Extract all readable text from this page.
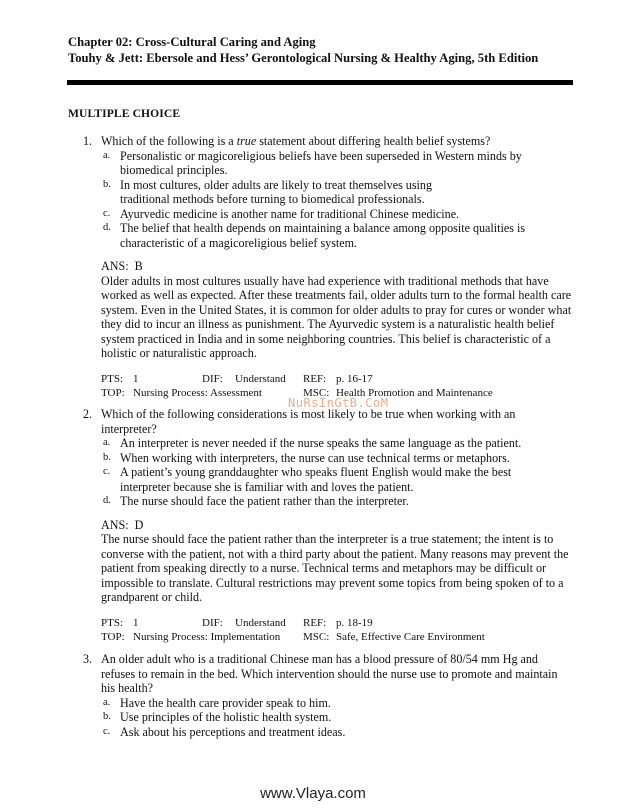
Chapter 02: Cross-Cultural Caring and Aging
Touhy & Jett: Ebersole and Hess’ Gerontological Nursing & Healthy Aging, 5th Edition
MULTIPLE CHOICE
1. Which of the following is a true statement about differing health belief systems?
a. Personalistic or magicoreligious beliefs have been superseded in Western minds by biomedical principles.
b. In most cultures, older adults are likely to treat themselves using traditional methods before turning to biomedical professionals.
c. Ayurvedic medicine is another name for traditional Chinese medicine.
d. The belief that health depends on maintaining a balance among opposite qualities is characteristic of a magicoreligious belief system.
ANS: B
Older adults in most cultures usually have had experience with traditional methods that have worked as well as expected. After these treatments fail, older adults turn to the formal health care system. Even in the United States, it is common for older adults to pray for cures or wonder what they did to incur an illness as punishment. The Ayurvedic system is a naturalistic health belief system practiced in India and in some neighboring countries. This belief is characteristic of a holistic or naturalistic approach.
PTS: 1	DIF: Understand REF: p. 16-17
TOP: Nursing Process: Assessment	MSC: Health Promotion and Maintenance
2. Which of the following considerations is most likely to be true when working with an interpreter?
a. An interpreter is never needed if the nurse speaks the same language as the patient.
b. When working with interpreters, the nurse can use technical terms or metaphors.
c. A patient’s young granddaughter who speaks fluent English would make the best interpreter because she is familiar with and loves the patient.
d. The nurse should face the patient rather than the interpreter.
ANS: D
The nurse should face the patient rather than the interpreter is a true statement; the intent is to converse with the patient, not with a third party about the patient. Many reasons may prevent the patient from speaking directly to a nurse. Technical terms and metaphors may be difficult or impossible to translate. Cultural restrictions may prevent some topics from being spoken of to a grandparent or child.
PTS: 1	DIF: Understand REF: p. 18-19
TOP: Nursing Process: Implementation MSC: Safe, Effective Care Environment
3. An older adult who is a traditional Chinese man has a blood pressure of 80/54 mm Hg and refuses to remain in the bed. Which intervention should the nurse use to promote and maintain his health?
a. Have the health care provider speak to him.
b. Use principles of the holistic health system.
c. Ask about his perceptions and treatment ideas.
NuRsInGtB.CoM
www.Vlaya.com
